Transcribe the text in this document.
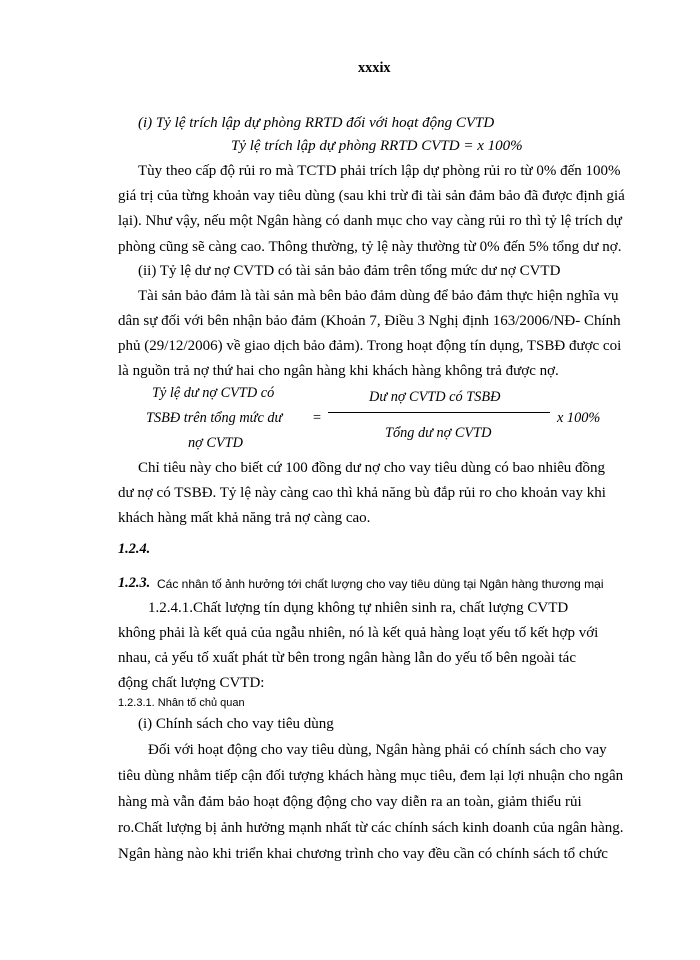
xxxix
(i) Tỷ lệ trích lập dự phòng RRTD đối với hoạt động CVTD
Tỷ lệ trích lập dự phòng RRTD CVTD = x 100%
Tùy theo cấp độ rủi ro mà TCTD phải trích lập dự phòng rủi ro từ 0% đến 100%
giá trị của từng khoản vay tiêu dùng (sau khi trừ đi tài sản đảm bảo đã được định giá
lại). Như vậy, nếu một Ngân hàng có danh mục cho vay càng rủi ro thì tỷ lệ trích dự
phòng cũng sẽ càng cao. Thông thường, tỷ lệ này thường từ 0% đến 5% tổng dư nợ.
(ii) Tỷ lệ dư nợ CVTD có tài sản bảo đảm trên tổng mức dư nợ CVTD
Tài sản bảo đảm là tài sản mà bên bảo đảm dùng để bảo đảm thực hiện nghĩa vụ
dân sự đối với bên nhận bảo đảm (Khoản 7, Điều 3 Nghị định 163/2006/NĐ- Chính
phủ (29/12/2006) về giao dịch bảo đảm). Trong hoạt động tín dụng, TSBĐ được coi
là nguồn trả nợ thứ hai cho ngân hàng khi khách hàng không trả được nợ.
Tỷ lệ dư nợ CVTD có
TSBĐ trên tổng mức dư
nợ CVTD
=
Dư nợ CVTD có TSBĐ
Tổng dư nợ CVTD
x 100%
Chỉ tiêu này cho biết cứ 100 đồng dư nợ cho vay tiêu dùng có bao nhiêu đồng
dư nợ có TSBĐ. Tỷ lệ này càng cao thì khả năng bù đắp rủi ro cho khoản vay khi
khách hàng mất khả năng trả nợ càng cao.
1.2.4.
1.2.3. Các nhân tố ảnh hưởng tới chất lượng cho vay tiêu dùng tại Ngân hàng thương mại
1.2.4.1.Chất lượng tín dụng không tự nhiên sinh ra, chất lượng CVTD
không phải là kết quả của ngẫu nhiên, nó là kết quả hàng loạt yếu tố kết hợp với
nhau, cả yếu tố xuất phát từ bên trong ngân hàng lẫn do yếu tố bên ngoài tác
động chất lượng CVTD:
1.2.3.1. Nhân tố chủ quan
(i) Chính sách cho vay tiêu dùng
Đối với hoạt động cho vay tiêu dùng, Ngân hàng phải có chính sách cho vay
tiêu dùng nhằm tiếp cận đối tượng khách hàng mục tiêu, đem lại lợi nhuận cho ngân
hàng mà vẫn đảm bảo hoạt động động cho vay diễn ra an toàn, giảm thiểu rủi
ro.Chất lượng bị ảnh hưởng mạnh nhất từ các chính sách kinh doanh của ngân hàng.
Ngân hàng nào khi triển khai chương trình cho vay đều cần có chính sách tổ chức
